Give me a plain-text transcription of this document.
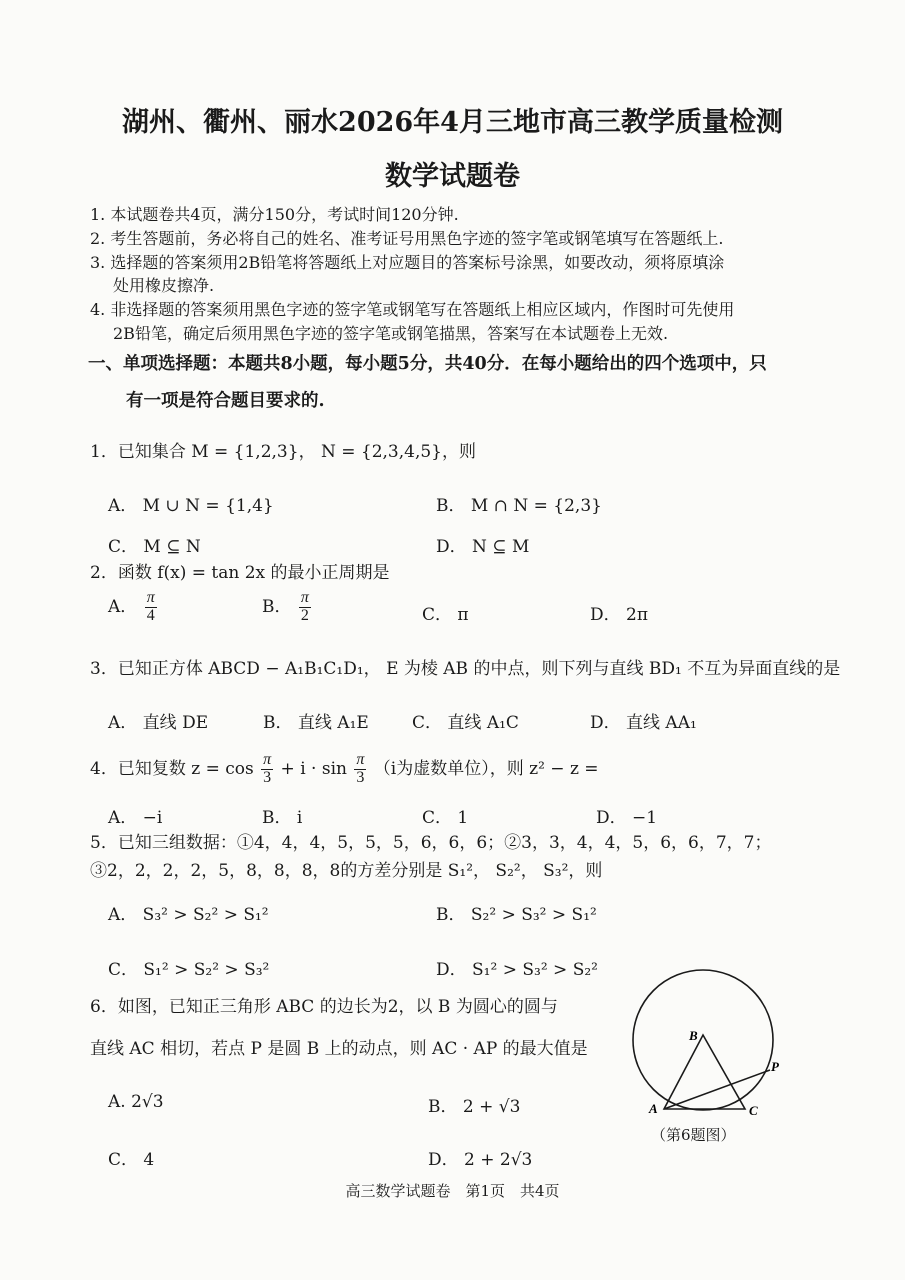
湖州、衢州、丽水2026年4月三地市高三教学质量检测
数学试题卷
1. 本试题卷共4页，满分150分，考试时间120分钟.
2. 考生答题前，务必将自己的姓名、准考证号用黑色字迹的签字笔或钢笔填写在答题纸上.
3. 选择题的答案须用2B铅笔将答题纸上对应题目的答案标号涂黑，如要改动，须将原填涂
处用橡皮擦净.
4. 非选择题的答案须用黑色字迹的签字笔或钢笔写在答题纸上相应区域内，作图时可先使用
2B铅笔，确定后须用黑色字迹的签字笔或钢笔描黑，答案写在本试题卷上无效.
一、单项选择题：本题共8小题，每小题5分，共40分．在每小题给出的四个选项中，只
有一项是符合题目要求的.
1．已知集合 M = {1,2,3}， N = {2,3,4,5}，则
A． M ∪ N = {1,4}	B． M ∩ N = {2,3}
C． M ⊆ N	D． N ⊆ M
2．函数 f(x) = tan 2x 的最小正周期是
A． $\frac{\pi}{4}$	B． $\frac{\pi}{2}$	C． π	D． 2π
3．已知正方体 ABCD − A₁B₁C₁D₁， E 为棱 AB 的中点，则下列与直线 BD₁ 不互为异面直线的是
A． 直线 DE	B． 直线 A₁E	C． 直线 A₁C	D． 直线 AA₁
4．已知复数 $z = \cos \frac{\pi}{3} + i \cdot \sin \frac{\pi}{3} (i$为虚数单位），则 z² − z =
A． −i	B． i	C． 1	D． −1
5．已知三组数据：①4，4，4，5，5，5，6，6，6；②3，3，4，4，5，6，6，7，7；
③2，2，2，2，5，8，8，8，8的方差分别是 S₁²， S₂²， S₃²，则
A． S₃² > S₂² > S₁²	B． S₂² > S₃² > S₁²
C． S₁² > S₂² > S₃²	D． S₁² > S₃² > S₂²
6．如图，已知正三角形 ABC 的边长为2，以 B 为圆心的圆与
直线 AC 相切，若点 P 是圆 B 上的动点，则 AC · AP 的最大值是
A. 2√3	B． 2 + √3
C． 4	D． 2 + 2√3
B
A	C
P
（第6题图）
高三数学试题卷　第1页　共4页
